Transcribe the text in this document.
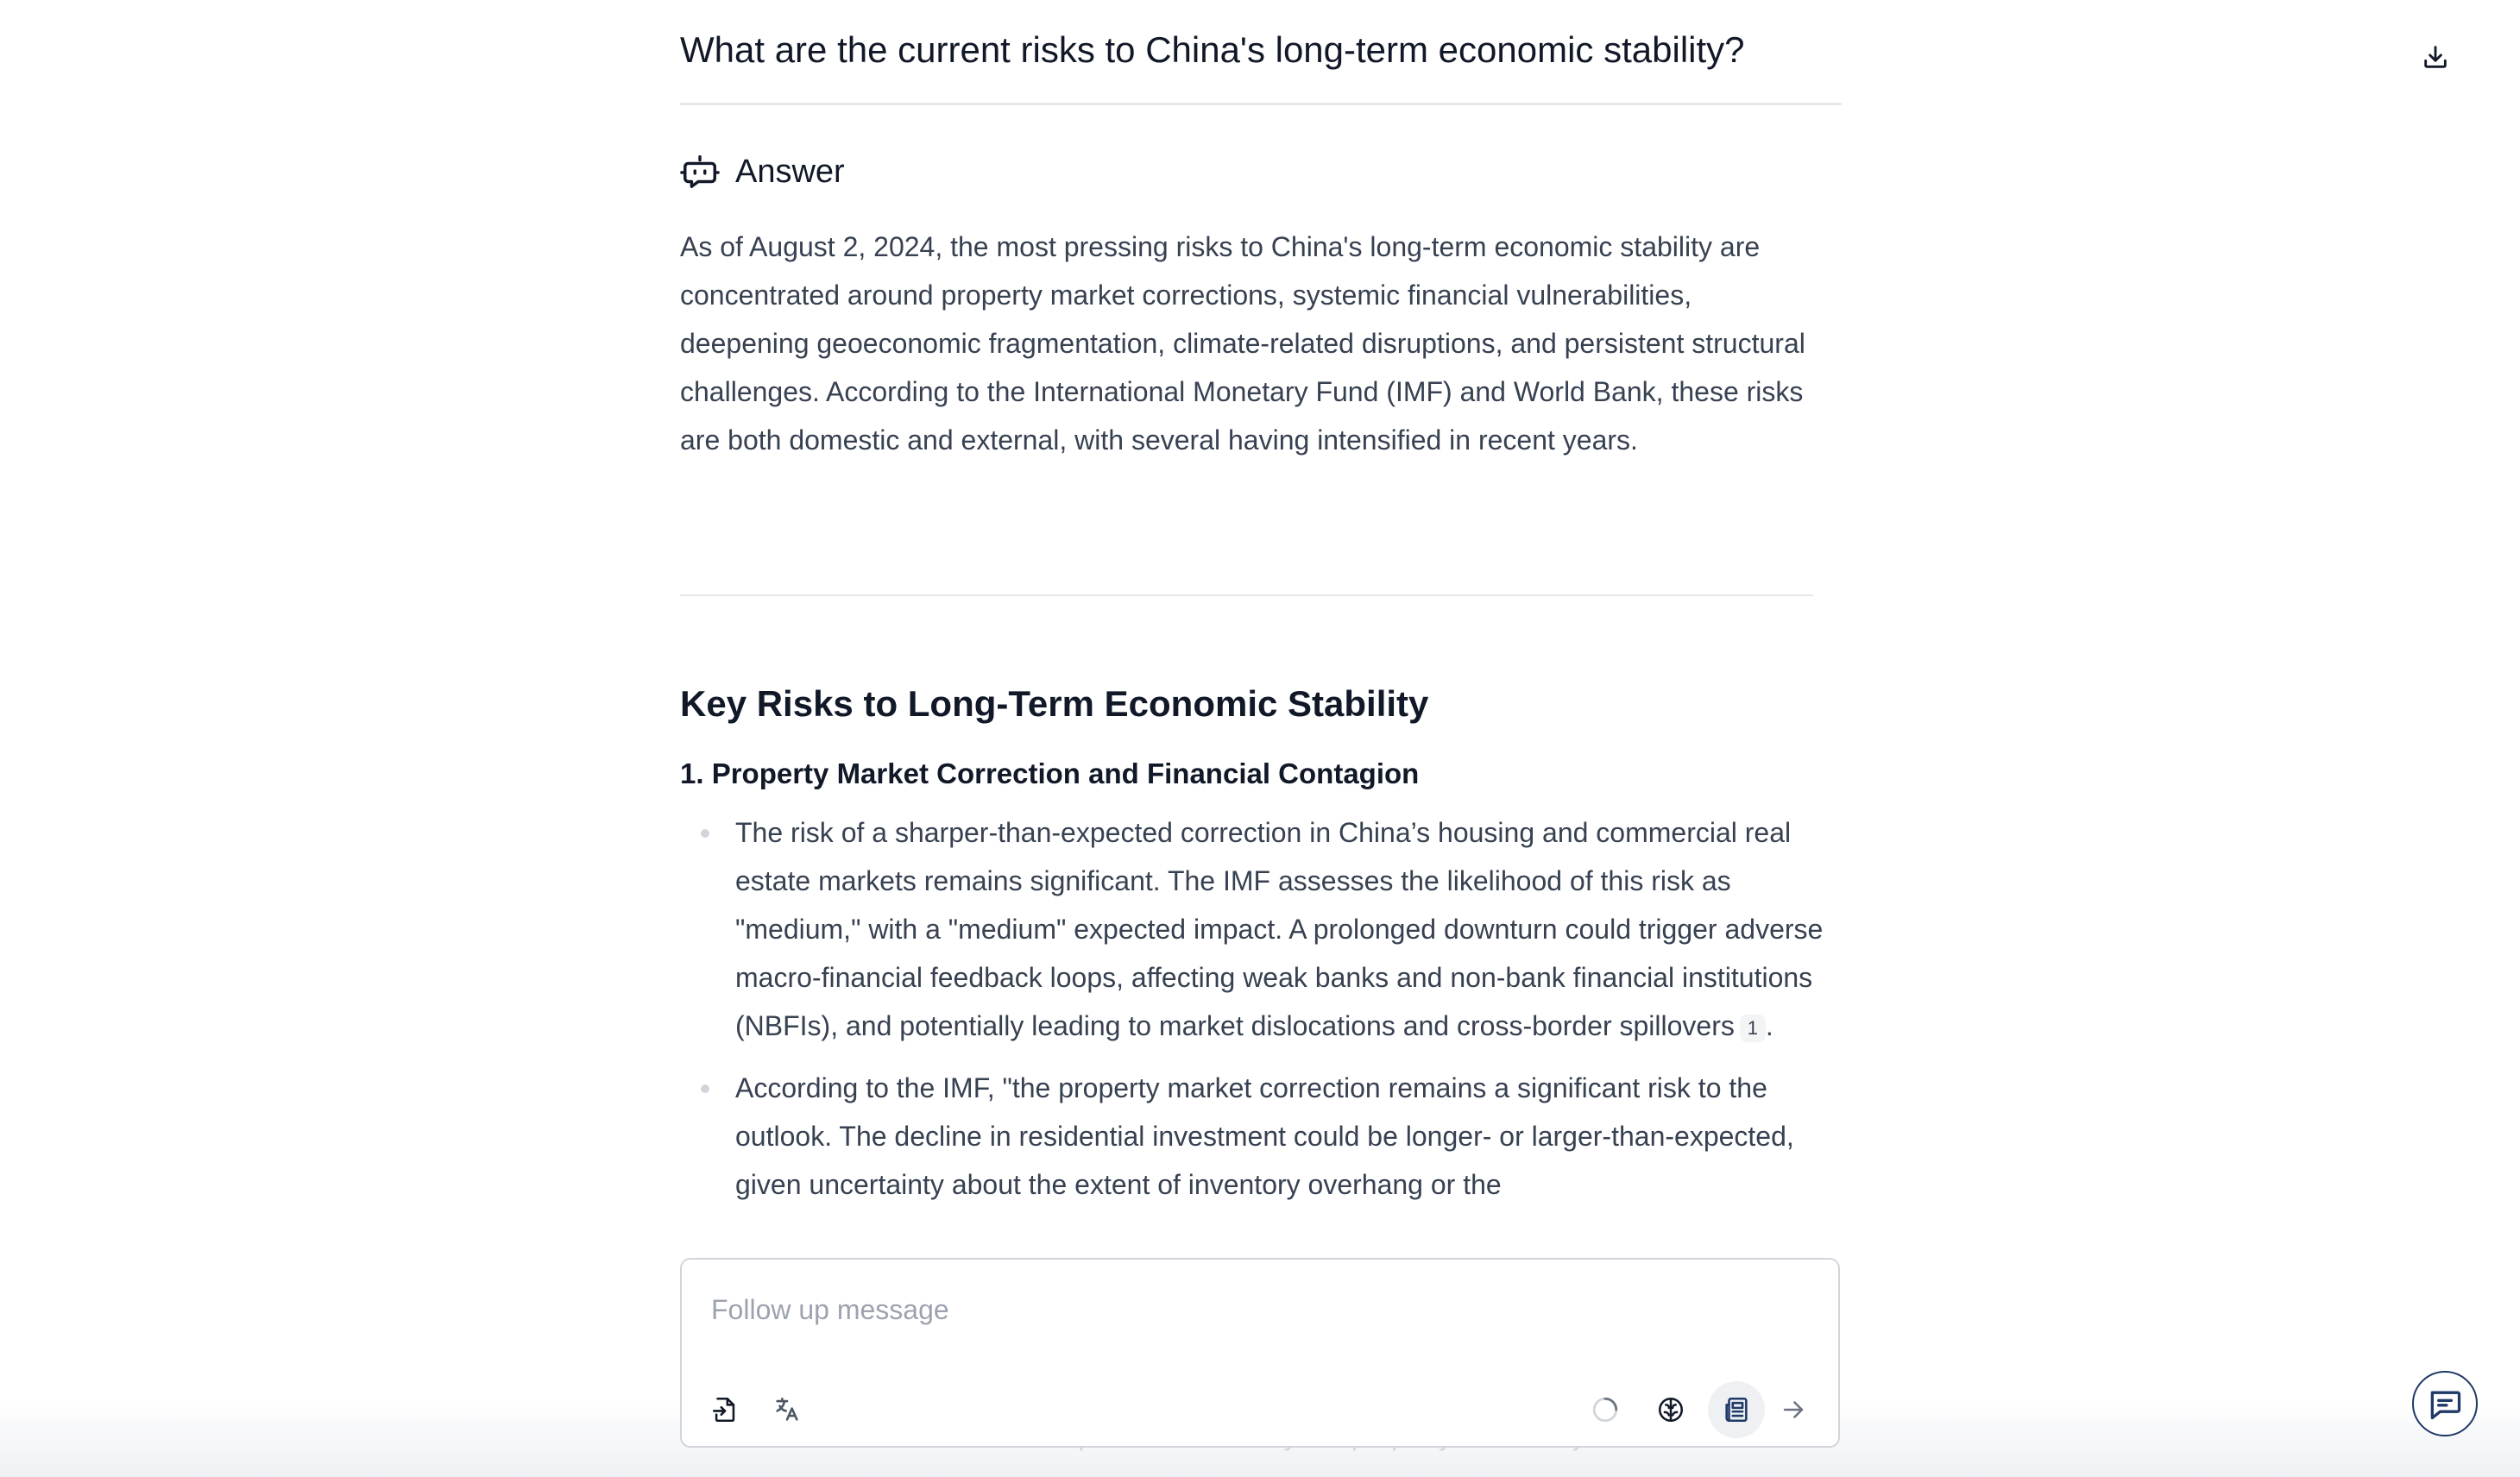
What are the current risks to China's long-term economic stability?
Answer

As of August 2, 2024, the most pressing risks to China's long-term economic stability are concentrated around property market corrections, systemic financial vulnerabilities, deepening geoeconomic fragmentation, climate-related disruptions, and persistent structural challenges. According to the International Monetary Fund (IMF) and World Bank, these risks are both domestic and external, with several having intensified in recent years.

Key Risks to Long-Term Economic Stability
1. Property Market Correction and Financial Contagion
The risk of a sharper-than-expected correction in China’s housing and commercial real estate markets remains significant. The IMF assesses the likelihood of this risk as "medium," with a "medium" expected impact. A prolonged downturn could trigger adverse macro-financial feedback loops, affecting weak banks and non-bank financial institutions (NBFIs), and potentially leading to market dislocations and cross-border spillovers 1 .
According to the IMF, "the property market correction remains a significant risk to the outlook. The decline in residential investment could be longer- or larger-than-expected, given uncertainty about the extent of inventory overhang or the
Follow up message
